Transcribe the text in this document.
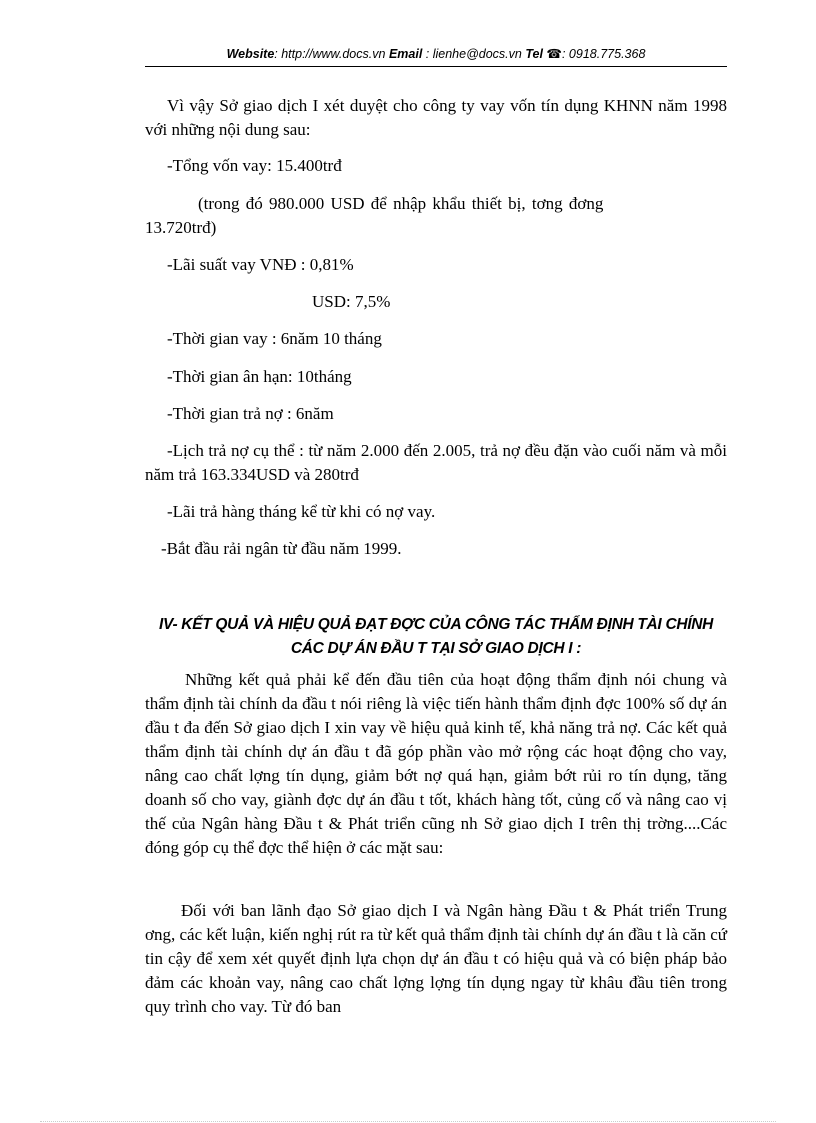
Website: http://www.docs.vn Email : lienhe@docs.vn Tel ☎: 0918.775.368

Vì vậy Sở giao dịch I xét duyệt cho công ty vay vốn tín dụng KHNN năm 1998 với những nội dung sau:

-Tổng vốn vay: 15.400trđ

(trong đó 980.000 USD để nhập khẩu thiết bị, tơng đơng

13.720trđ)

-Lãi suất vay VNĐ : 0,81%

USD: 7,5%

-Thời gian vay : 6năm 10 tháng

-Thời gian ân hạn: 10tháng

-Thời gian trả nợ : 6năm

-Lịch trả nợ cụ thể : từ năm 2.000 đến 2.005, trả nợ đều đặn vào cuối năm và mỗi năm trả 163.334USD và 280trđ

-Lãi trả hàng tháng kể từ khi có nợ vay.

-Bắt đầu rải ngân từ đầu năm 1999.

IV- KẾT QUẢ VÀ HIỆU QUẢ ĐẠT ĐỢC CỦA CÔNG TÁC THẨM ĐỊNH TÀI CHÍNH
CÁC DỰ ÁN ĐẦU T TẠI SỞ GIAO DỊCH I :

Những kết quả phải kể đến đầu tiên của hoạt động thẩm định nói chung và thẩm định tài chính da đầu t nói riêng là việc tiến hành thẩm định đợc 100% số dự án đầu t đa đến Sở giao dịch I xin vay về hiệu quả kinh tế, khả năng trả nợ. Các kết quả thẩm định tài chính dự án đầu t đã góp phần vào mở rộng các hoạt động cho vay, nâng cao chất lợng tín dụng, giảm bớt nợ quá hạn, giảm bớt rủi ro tín dụng, tăng doanh số cho vay, giành đợc dự án đầu t tốt, khách hàng tốt, củng cố và nâng cao vị thế của Ngân hàng Đầu t & Phát triển cũng nh Sở giao dịch I trên thị trờng....Các đóng góp cụ thể đợc thể hiện ở các mặt sau:

Đối với ban lãnh đạo Sở giao dịch I và Ngân hàng Đầu t & Phát triển Trung ơng, các kết luận, kiến nghị rút ra từ kết quả thẩm định tài chính dự án đầu t là căn cứ tin cậy để xem xét quyết định lựa chọn dự án đầu t có hiệu quả và có biện pháp bảo đảm các khoản vay, nâng cao chất lợng lợng tín dụng ngay từ khâu đầu tiên trong quy trình cho vay. Từ đó ban
